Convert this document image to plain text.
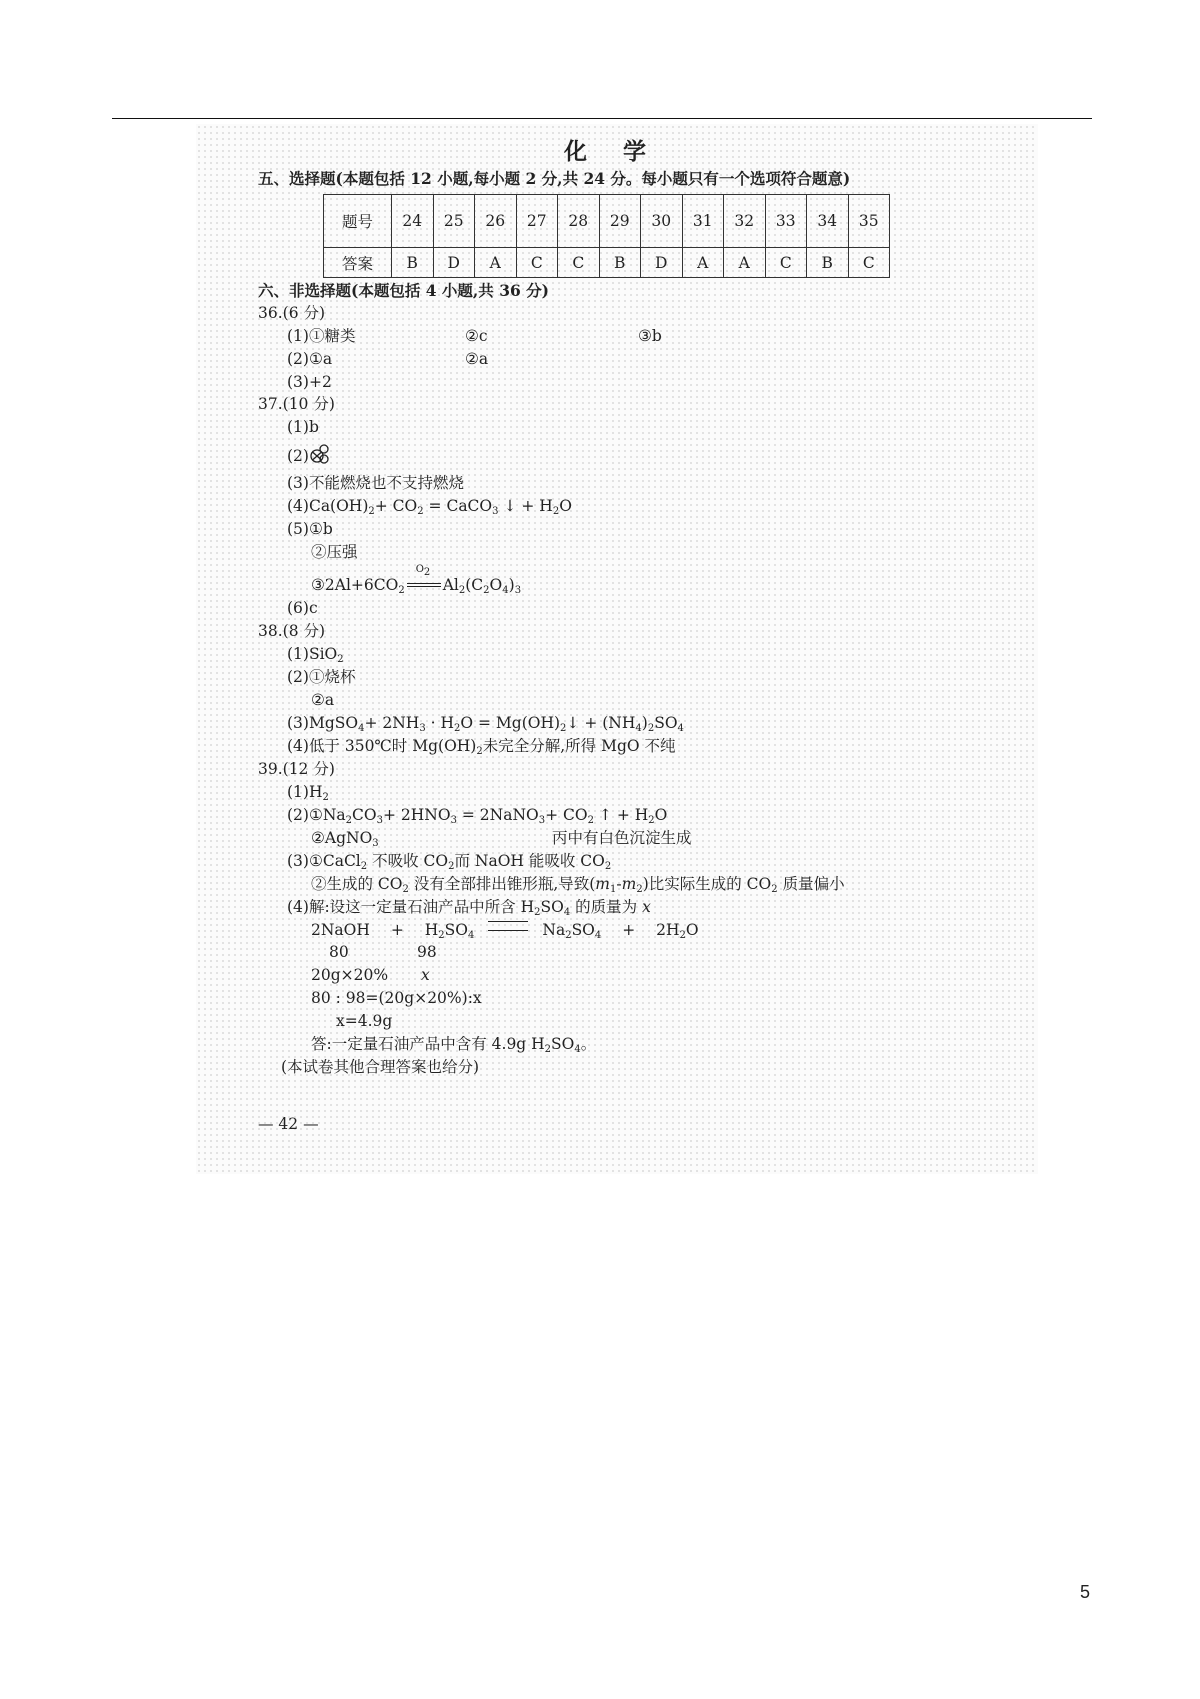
化 学
五、选择题(本题包括 12 小题,每小题 2 分,共 24 分。每小题只有一个选项符合题意)
题号	24	25	26	27	28	29	30	31	32	33	34	35
答案	B	D	A	C	C	B	D	A	A	C	B	C
六、非选择题(本题包括 4 小题,共 36 分)
36.(6 分)
(1)①糖类	②c	③b
(2)①a	②a
(3)+2
37.(10 分)
(1)b
(2)
(3)不能燃烧也不支持燃烧
$(4)Ca(OH)_2+ CO_2$ = CaCO$_3$ ↓ + $H_2O$
(5)①b
②压强
$③2Al+6CO_2$
$O_2$
$Al_2(C_2O_4)_3$
(6)c
38.(8 分)
(1)SiO$_2$
(2)①烧杯
②a
(3)MgSO$_4$+ $2NH_3 \cdot H_2O$ = $Mg(OH)_2↓ + (NH_4)_2SO_4$
(4)低于 350℃时 $Mg(OH)_2$未完全分解,所得 MgO 不纯
39.(12 分)
$(1)H_2$
$(2)①Na_2CO_3+ 2HNO_3$ = 2NaNO$_3$+ $CO_2$ ↑ + $H_2O$
②AgNO$_3$	丙中有白色沉淀生成
(3)①CaCl$_2$ 不吸收 $CO_2$而 NaOH 能吸收 $CO_2$
②生成的 $CO_2$ 没有全部排出锥形瓶,导致$(m_1-m_2)$比实际生成的 $CO_2$ 质量偏小
(4)解:设这一定量石油产品中所含 $H_2SO_4$ 的质量为 x
2NaOH + $H_2SO_4$	$Na_2SO_4 + 2H_2O$
80	98
20g×20% x
80 : 98=(20g×20%):x
x=4.9g
答:一定量石油产品中含有 4.9g $H_2SO_4$。
(本试卷其他合理答案也给分)
— 42 —
5
